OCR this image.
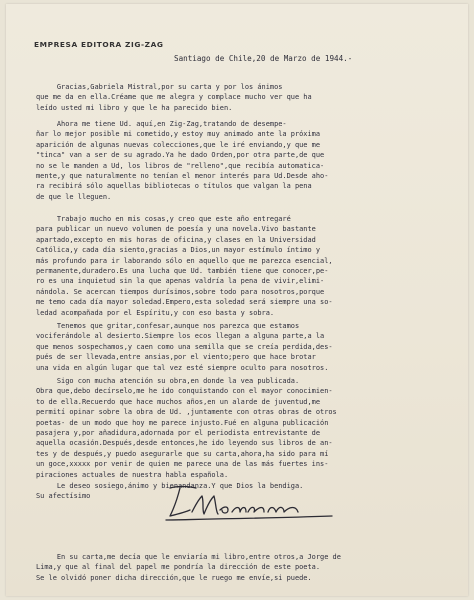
EMPRESA EDITORA ZIG-ZAG
Santiago de Chile,20 de Marzo de 1944.-
Gracias,Gabriela Mistral,por su carta y por los ánimos
que me da en ella.Créame que me alegra y complace mucho ver que ha
leído usted mi libro y que le ha parecido bien.
Ahora me tiene Ud. aquí,en Zig-Zag,tratando de desempe-
ñar lo mejor posible mi cometido,y estoy muy animado ante la próxima
aparición de algunas nuevas colecciones,que le iré enviando,y que me
"tinca" van a ser de su agrado.Ya he dado Orden,por otra parte,de que
no se le manden a Ud, los libros de "relleno",que recibía automatica-
mente,y que naturalmente no tenían el menor interés para Ud.Desde aho-
ra recibirá sólo aquellas bibliotecas o títulos que valgan la pena
de que le lleguen.
Trabajo mucho en mis cosas,y creo que este año entregaré
para publicar un nuevo volumen de poesía y una novela.Vivo bastante
apartado,excepto en mis horas de oficina,y clases en la Universidad
Católica,y cada día siento,gracias a Dios,un mayor estímulo íntimo y
más profundo para ir laborando sólo en aquello que me parezca esencial,
permanente,duradero.Es una lucha que Ud. también tiene que conocer,pe-
ro es una inquietud sin la que apenas valdría la pena de vivir,elimi-
nándola. Se acercan tiempos durísimos,sobre todo para nosotros,porque
me temo cada día mayor soledad.Empero,esta soledad será siempre una so-
ledad acompañada por el Espíritu,y con eso basta y sobra.
Tenemos que gritar,confesar,aunque nos parezca que estamos
vociferándole al desierto.Siempre los ecos llegan a alguna parte,a la
que menos sospechamos,y caen como una semilla que se creía perdida,des-
pués de ser llevada,entre ansias,por el viento;pero que hace brotar
una vida en algún lugar que tal vez esté siempre oculto para nosotros.
Sigo con mucha atención su obra,en donde la vea publicada.
Obra que,debo decírselo,me he ido conquistando con el mayor conocimien-
to de ella.Recuerdo que hace muchos años,en un alarde de juventud,me
permití opinar sobre la obra de Ud. ,juntamente con otras obras de otros
poetas- de un modo que hoy me parece injusto.Fué en alguna publicación
pasajera y,por añadidura,adornada por el periodista entrevistante de
aquella ocasión.Después,desde entonces,he ido leyendo sus libros de an-
tes y de después,y puedo asegurarle que su carta,ahora,ha sido para mí
un goce,xxxxx por venir de quien me parece una de las más fuertes ins-
piraciones actuales de nuestra habla española.
Le deseo sosiego,ánimo y bienandanza.Y que Dios la bendiga.
Su afectísimo
En su carta,me decía que le enviaría mi libro,entre otros,a Jorge de
Lima,y que al final del papel me pondría la dirección de este poeta.
Se le olvidó poner dicha dirección,que le ruego me envíe,si puede.
